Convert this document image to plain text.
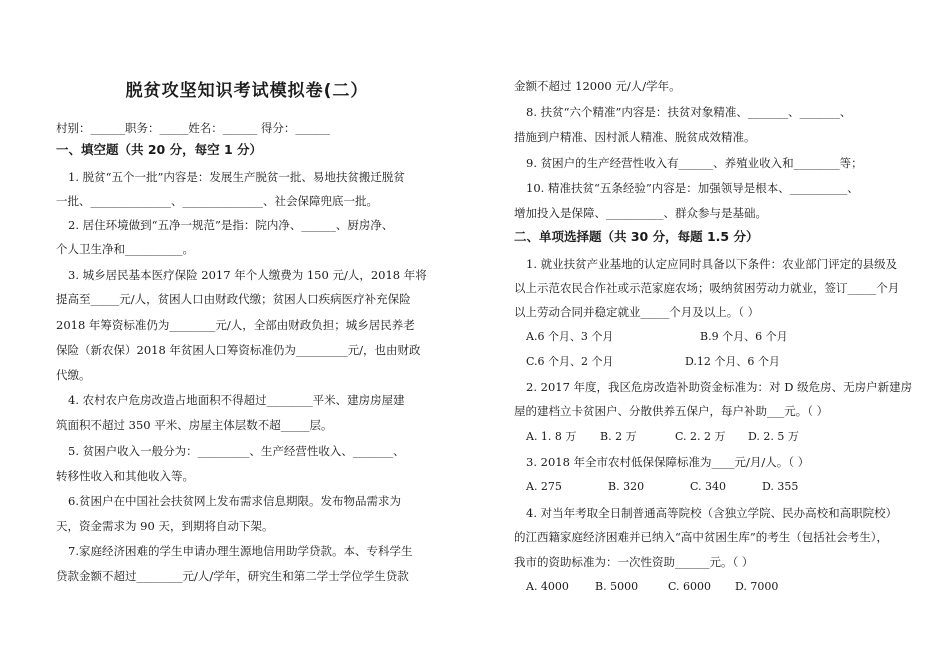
脱贫攻坚知识考试模拟卷(二）
村别：______职务：_____姓名：______ 得分：______
一、填空题（共 20 分，每空 1 分）
1. 脱贫“五个一批”内容是：发展生产脱贫一批、易地扶贫搬迁脱贫
一批、______________、______________、社会保障兜底一批。
2. 居住环境做到“五净一规范”是指：院内净、______、厨房净、
个人卫生净和__________。
3. 城乡居民基本医疗保险 2017 年个人缴费为 150 元/人，2018 年将
提高至_____元/人，贫困人口由财政代缴；贫困人口疾病医疗补充保险
2018 年筹资标准仍为________元/人，全部由财政负担；城乡居民养老
保险（新农保）2018 年贫困人口筹资标准仍为_________元/，也由财政
代缴。
4. 农村农户危房改造占地面积不得超过________平米、建房房屋建
筑面积不超过 350 平米、房屋主体层数不超_____层。
5. 贫困户收入一般分为：_________、生产经营性收入、_______、
转移性收入和其他收入等。
6.贫困户在中国社会扶贫网上发布需求信息期限。发布物品需求为
天，资金需求为 90 天，到期将自动下架。
7.家庭经济困难的学生申请办理生源地信用助学贷款。本、专科学生
贷款金额不超过________元/人/学年，研究生和第二学士学位学生贷款
金额不超过 12000 元/人/学年。
8. 扶贫“六个精准”内容是：扶贫对象精准、_______、_______、
措施到户精准、因村派人精准、脱贫成效精准。
9. 贫困户的生产经营性收入有______、养殖业收入和________等；
10. 精准扶贫“五条经验”内容是：加强领导是根本、__________、
增加投入是保障、__________、群众参与是基础。
二、单项选择题（共 30 分，每题 1.5 分）
1. 就业扶贫产业基地的认定应同时具备以下条件：农业部门评定的县级及
以上示范农民合作社或示范家庭农场；吸纳贫困劳动力就业，签订_____个月
以上劳动合同并稳定就业_____个月及以上。（ ）
A.6 个月、3 个月	B.9 个月、6 个月
C.6 个月、2 个月	D.12 个月、6 个月
2. 2017 年度，我区危房改造补助资金标准为：对 D 级危房、无房户新建房
屋的建档立卡贫困户、分散供养五保户，每户补助___元。（ ）
A. 1. 8 万 B. 2 万	C. 2. 2 万 D. 2. 5 万
3. 2018 年全市农村低保保障标准为____元/月/人。（ ）
A. 275	B. 320	C. 340	D. 355
4. 对当年考取全日制普通高等院校（含独立学院、民办高校和高职院校）
的江西籍家庭经济困难并已纳入“高中贫困生库”的考生（包括社会考生），
我市的资助标准为：一次性资助______元。（ ）
A. 4000 B. 5000	C. 6000 D. 7000
